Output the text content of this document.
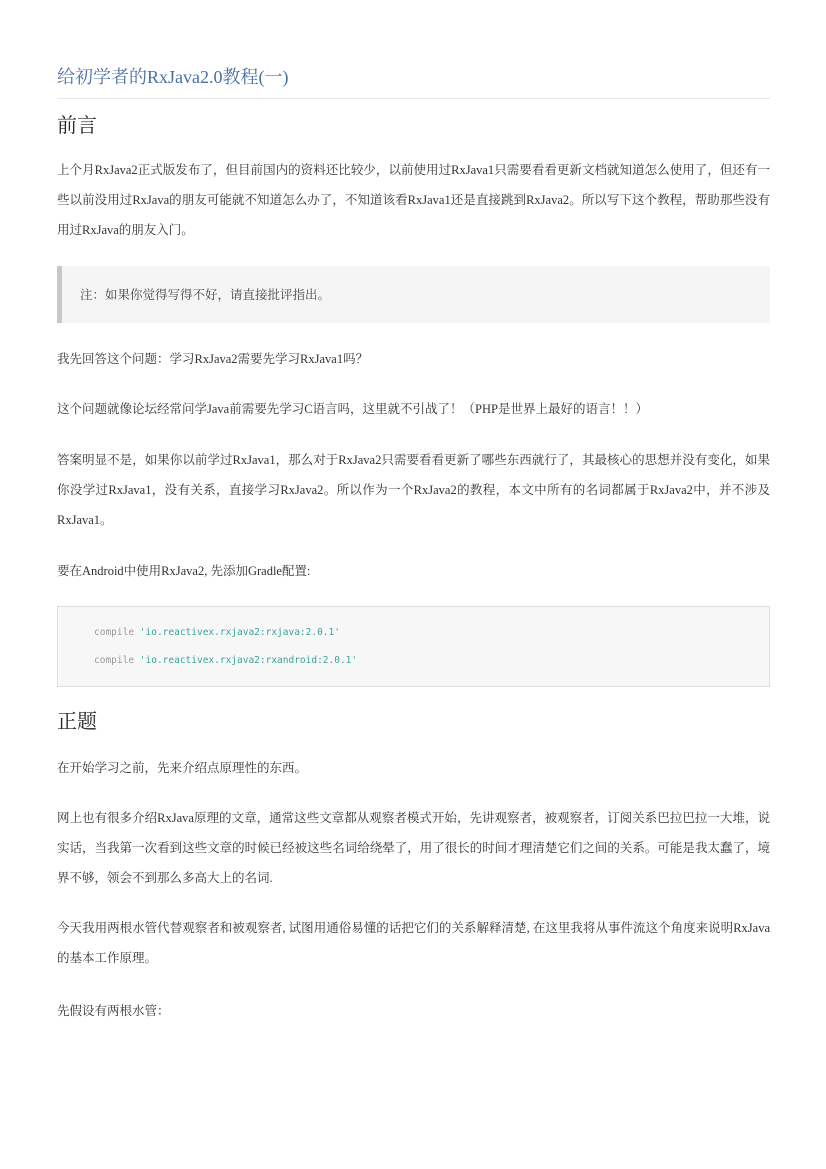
给初学者的RxJava2.0教程(一)
前言
上个月RxJava2正式版发布了，但目前国内的资料还比较少，以前使用过RxJava1只需要看看更新文档就知道怎么使用了，但还有一些以前没用过RxJava的朋友可能就不知道怎么办了，不知道该看RxJava1还是直接跳到RxJava2。所以写下这个教程，帮助那些没有用过RxJava的朋友入门。
注：如果你觉得写得不好，请直接批评指出。
我先回答这个问题：学习RxJava2需要先学习RxJava1吗？
这个问题就像论坛经常问学Java前需要先学习C语言吗，这里就不引战了！（PHP是世界上最好的语言！！）
答案明显不是，如果你以前学过RxJava1，那么对于RxJava2只需要看看更新了哪些东西就行了，其最核心的思想并没有变化，如果你没学过RxJava1，没有关系，直接学习RxJava2。所以作为一个RxJava2的教程，本文中所有的名词都属于RxJava2中，并不涉及RxJava1。
要在Android中使用RxJava2, 先添加Gradle配置:
compile 'io.reactivex.rxjava2:rxjava:2.0.1'
compile 'io.reactivex.rxjava2:rxandroid:2.0.1'
正题
在开始学习之前，先来介绍点原理性的东西。
网上也有很多介绍RxJava原理的文章，通常这些文章都从观察者模式开始，先讲观察者，被观察者，订阅关系巴拉巴拉一大堆，说实话，当我第一次看到这些文章的时候已经被这些名词给绕晕了，用了很长的时间才理清楚它们之间的关系。可能是我太蠢了，境界不够，领会不到那么多高大上的名词.
今天我用两根水管代替观察者和被观察者, 试图用通俗易懂的话把它们的关系解释清楚, 在这里我将从事件流这个角度来说明RxJava的基本工作原理。
先假设有两根水管：
